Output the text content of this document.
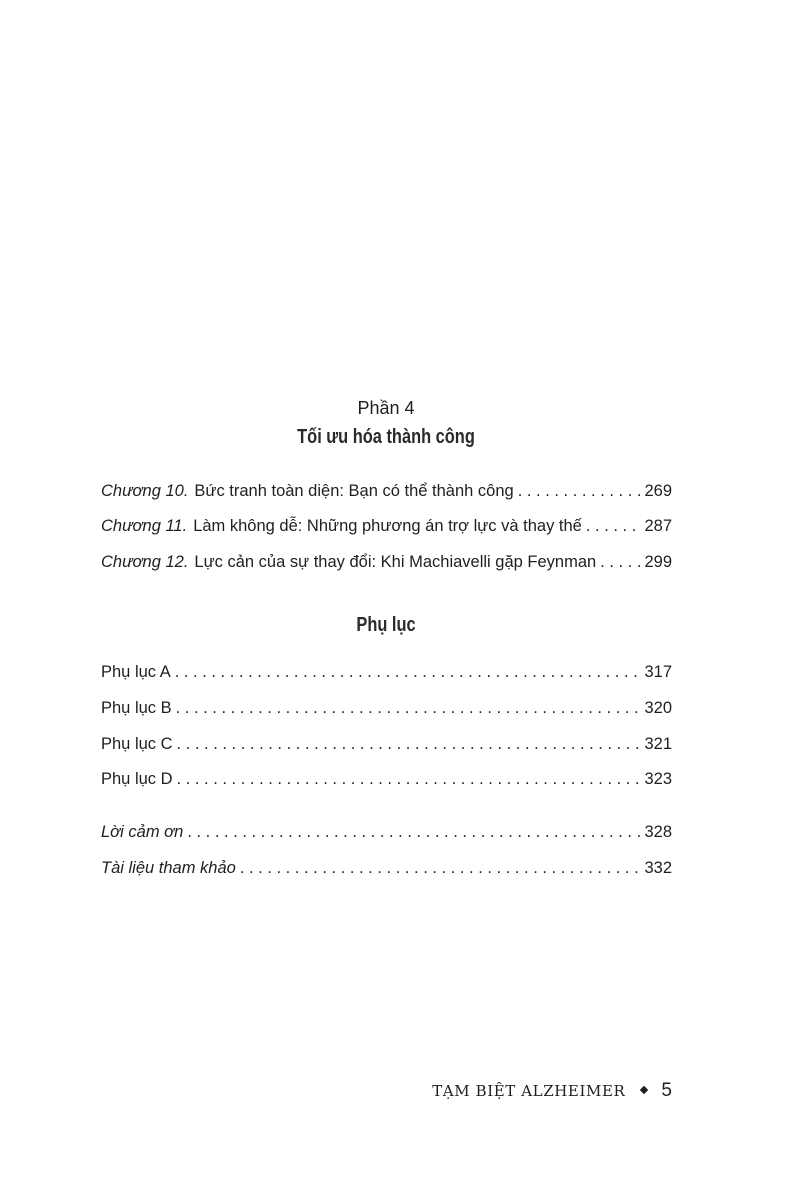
Phần 4
Tối ưu hóa thành công
Chương 10. Bức tranh toàn diện: Bạn có thể thành công . . .	269
Chương 11. Làm không dễ: Những phương án trợ lực và thay thế . . .	287
Chương 12. Lực cản của sự thay đổi: Khi Machiavelli gặp Feynman . . .	299
Phụ lục
Phụ lục A . . .	317
Phụ lục B . . .	320
Phụ lục C . . .	321
Phụ lục D . . .	323
Lời cảm ơn . . .	328
Tài liệu tham khảo . . .	332
TẠM BIỆT ALZHEIMER 5
